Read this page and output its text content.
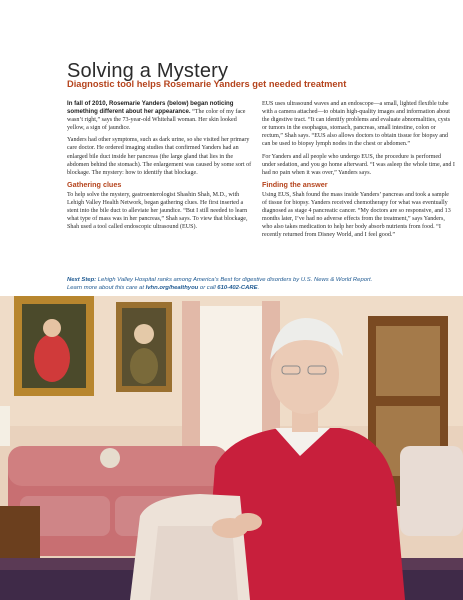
Solving a Mystery
Diagnostic tool helps Rosemarie Yanders get needed treatment

In fall of 2010, Rosemarie Yanders (below) began noticing something different about her appearance. “The color of my face wasn’t right,” says the 73-year-old Whitehall woman. Her skin looked yellow, a sign of jaundice.

Yanders had other symptoms, such as dark urine, so she visited her primary care doctor. He ordered imaging studies that confirmed Yanders had an enlarged bile duct inside her pancreas (the large gland that lies in the abdomen behind the stomach). The enlargement was caused by some sort of blockage. The mystery: how to identify that blockage.

Gathering clues

To help solve the mystery, gastroenterologist Shashin Shah, M.D., with Lehigh Valley Health Network, began gathering clues. He first inserted a stent into the bile duct to alleviate her jaundice. “But I still needed to learn what type of mass was in her pancreas,” Shah says. To view that blockage, Shah used a tool called endoscopic ultrasound (EUS).

EUS uses ultrasound waves and an endoscope—a small, lighted flexible tube with a camera attached—to obtain high-quality images and information about the digestive tract. “It can identify problems and evaluate abnormalities, cysts or tumors in the esophagus, stomach, pancreas, small intestine, colon or rectum,” Shah says. “EUS also allows doctors to obtain tissue for biopsy and can be used to biopsy lymph nodes in the chest or abdomen.”

For Yanders and all people who undergo EUS, the procedure is performed under sedation, and you go home afterward. “I was asleep the whole time, and I had no pain when it was over,” Yanders says.

Finding the answer

Using EUS, Shah found the mass inside Yanders’ pancreas and took a sample of tissue for biopsy. Yanders received chemotherapy for what was eventually diagnosed as stage 4 pancreatic cancer. “My doctors are so responsive, and 13 months later, I’ve had no adverse effects from the treatment,” says Yanders, who also takes medication to help her body absorb nutrients from food. “I recently returned from Disney World, and I feel good.”

Next Step: Lehigh Valley Hospital ranks among America’s Best for digestive disorders by U.S. News & World Report.
Learn more about this care at lvhn.org/healthyou or call 610-402-CARE.
